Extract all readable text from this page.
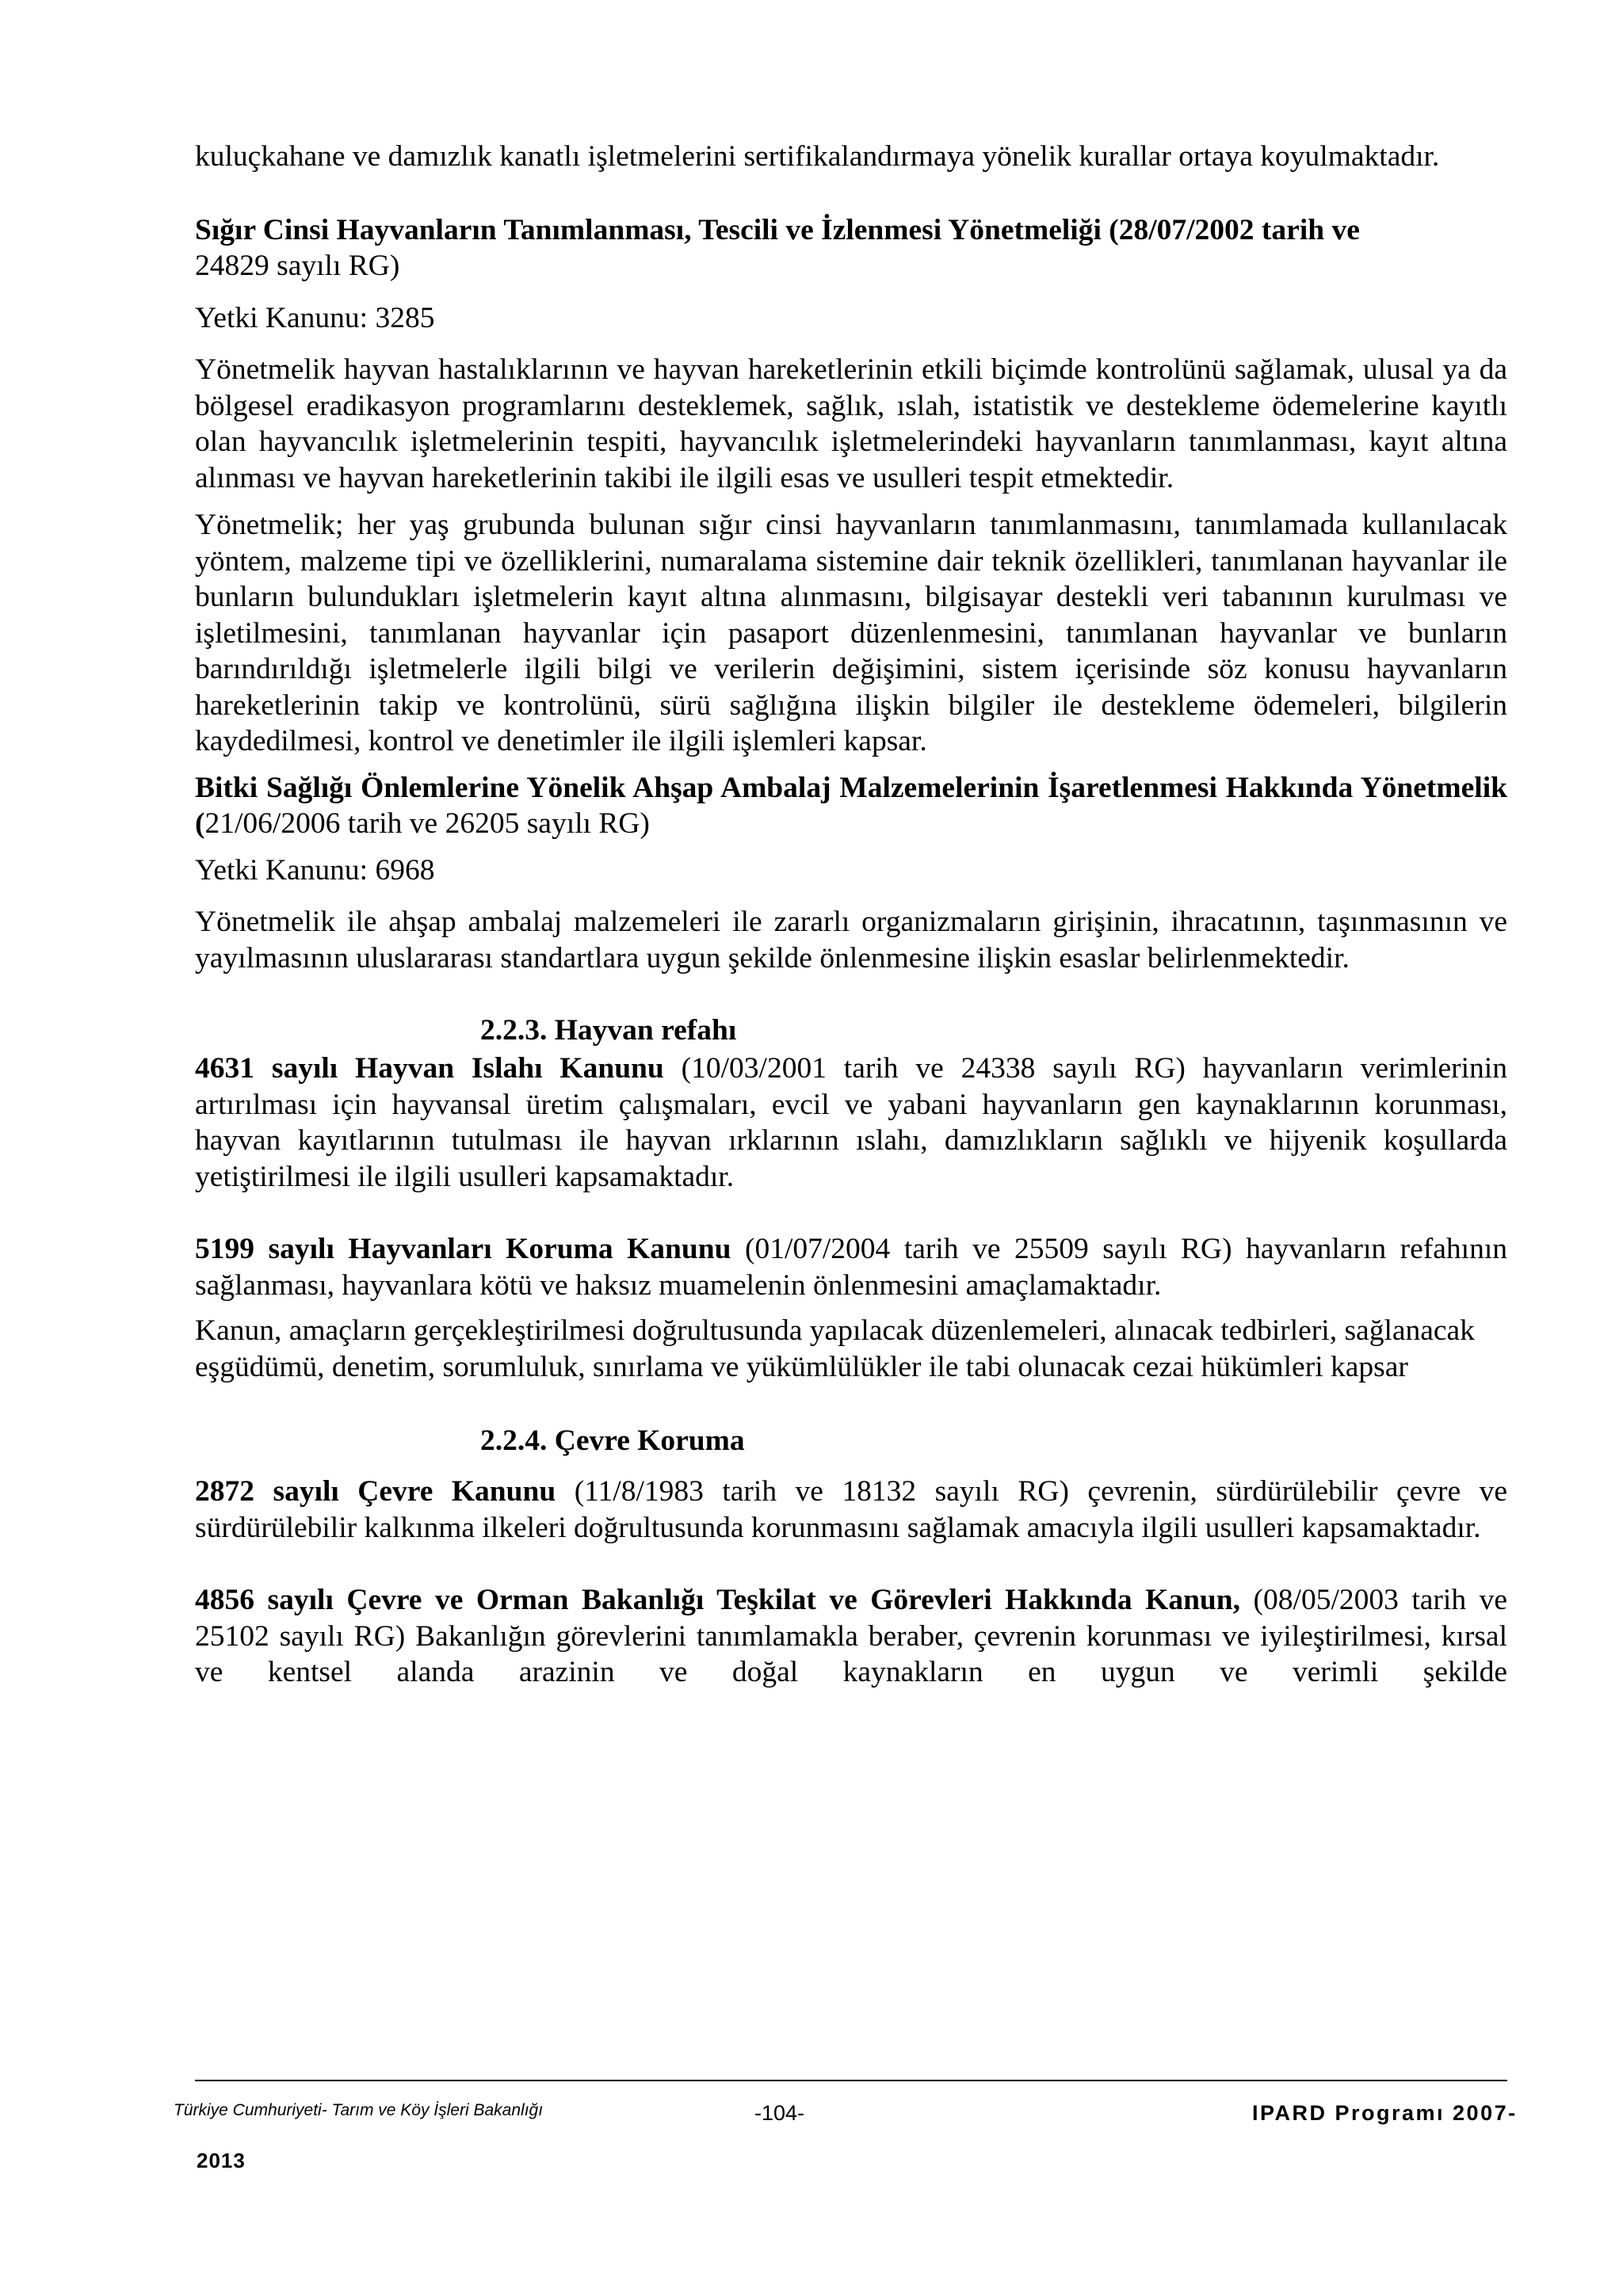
kuluçkahane ve damızlık kanatlı işletmelerini sertifikalandırmaya yönelik kurallar ortaya koyulmaktadır.

Sığır Cinsi Hayvanların Tanımlanması, Tescili ve İzlenmesi Yönetmeliği (28/07/2002 tarih ve
24829 sayılı RG)

Yetki Kanunu: 3285

Yönetmelik hayvan hastalıklarının ve hayvan hareketlerinin etkili biçimde kontrolünü sağlamak, ulusal ya da bölgesel eradikasyon programlarını desteklemek, sağlık, ıslah, istatistik ve destekleme ödemelerine kayıtlı olan hayvancılık işletmelerinin tespiti, hayvancılık işletmelerindeki hayvanların tanımlanması, kayıt altına alınması ve hayvan hareketlerinin takibi ile ilgili esas ve usulleri tespit etmektedir.

Yönetmelik; her yaş grubunda bulunan sığır cinsi hayvanların tanımlanmasını, tanımlamada kullanılacak yöntem, malzeme tipi ve özelliklerini, numaralama sistemine dair teknik özellikleri, tanımlanan hayvanlar ile bunların bulundukları işletmelerin kayıt altına alınmasını, bilgisayar destekli veri tabanının kurulması ve işletilmesini, tanımlanan hayvanlar için pasaport düzenlenmesini, tanımlanan hayvanlar ve bunların barındırıldığı işletmelerle ilgili bilgi ve verilerin değişimini, sistem içerisinde söz konusu hayvanların hareketlerinin takip ve kontrolünü, sürü sağlığına ilişkin bilgiler ile destekleme ödemeleri, bilgilerin kaydedilmesi, kontrol ve denetimler ile ilgili işlemleri kapsar.

Bitki Sağlığı Önlemlerine Yönelik Ahşap Ambalaj Malzemelerinin İşaretlenmesi Hakkında Yönetmelik (21/06/2006 tarih ve 26205 sayılı RG)

Yetki Kanunu: 6968

Yönetmelik ile ahşap ambalaj malzemeleri ile zararlı organizmaların girişinin, ihracatının, taşınmasının ve yayılmasının uluslararası standartlara uygun şekilde önlenmesine ilişkin esaslar belirlenmektedir.

2.2.3. Hayvan refahı

4631 sayılı Hayvan Islahı Kanunu (10/03/2001 tarih ve 24338 sayılı RG) hayvanların verimlerinin artırılması için hayvansal üretim çalışmaları, evcil ve yabani hayvanların gen kaynaklarının korunması, hayvan kayıtlarının tutulması ile hayvan ırklarının ıslahı, damızlıkların sağlıklı ve hijyenik koşullarda yetiştirilmesi ile ilgili usulleri kapsamaktadır.

5199 sayılı Hayvanları Koruma Kanunu (01/07/2004 tarih ve 25509 sayılı RG) hayvanların refahının sağlanması, hayvanlara kötü ve haksız muamelenin önlenmesini amaçlamaktadır.

Kanun, amaçların gerçekleştirilmesi doğrultusunda yapılacak düzenlemeleri, alınacak tedbirleri, sağlanacak eşgüdümü, denetim, sorumluluk, sınırlama ve yükümlülükler ile tabi olunacak cezai hükümleri kapsar

2.2.4. Çevre Koruma

2872 sayılı Çevre Kanunu (11/8/1983 tarih ve 18132 sayılı RG) çevrenin, sürdürülebilir çevre ve sürdürülebilir kalkınma ilkeleri doğrultusunda korunmasını sağlamak amacıyla ilgili usulleri kapsamaktadır.

4856 sayılı Çevre ve Orman Bakanlığı Teşkilat ve Görevleri Hakkında Kanun, (08/05/2003 tarih ve 25102 sayılı RG) Bakanlığın görevlerini tanımlamakla beraber, çevrenin korunması ve iyileştirilmesi, kırsal ve kentsel alanda arazinin ve doğal kaynakların en uygun ve verimli şekilde

Türkiye Cumhuriyeti- Tarım ve Köy İşleri Bakanlığı	-104-	IPARD Programı 2007-
2013
